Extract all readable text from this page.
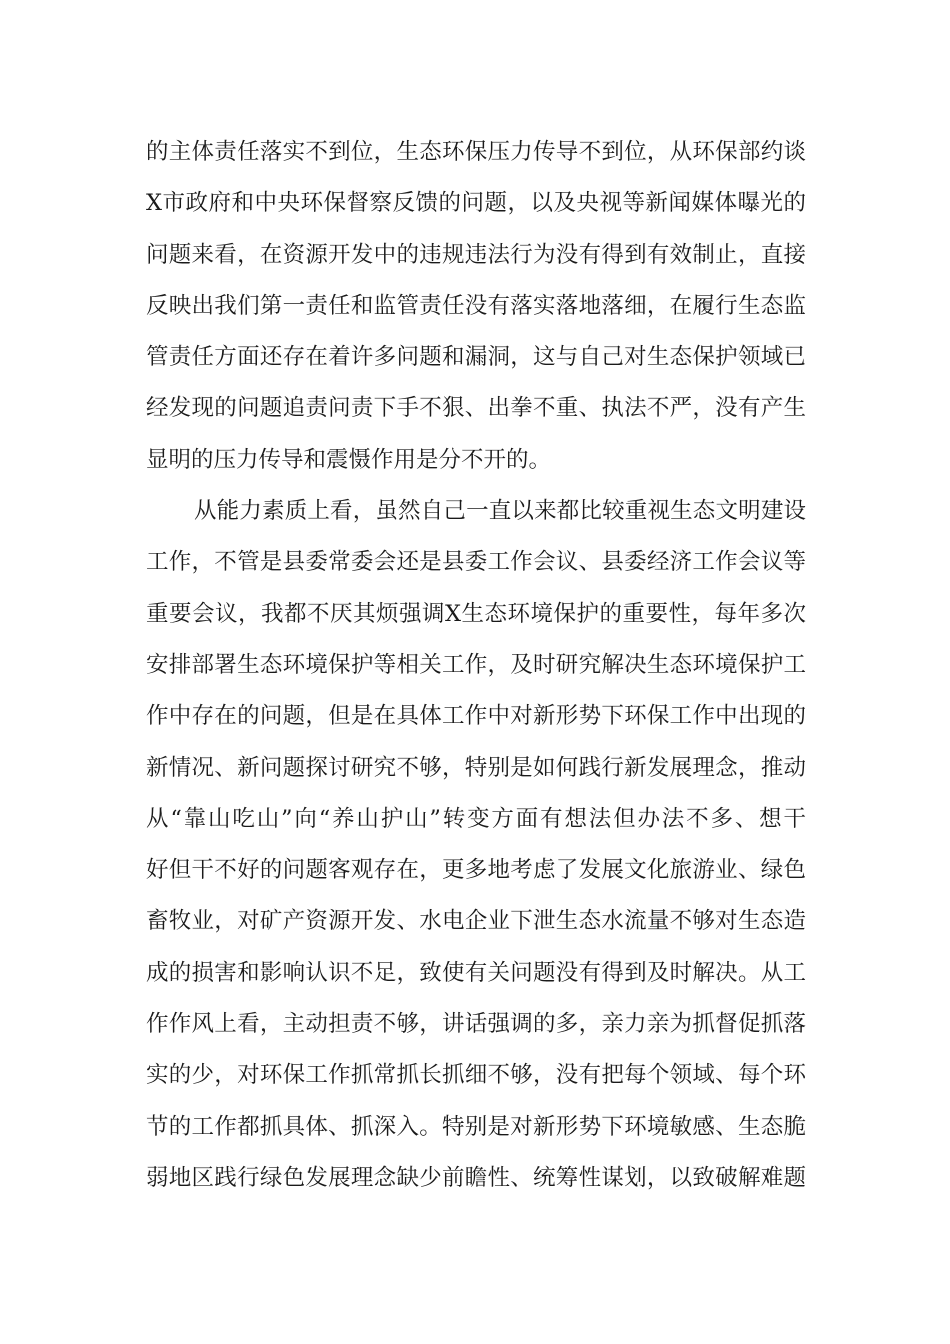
的主体责任落实不到位，生态环保压力传导不到位，从环保部约谈
X市政府和中央环保督察反馈的问题，以及央视等新闻媒体曝光的
问题来看，在资源开发中的违规违法行为没有得到有效制止，直接
反映出我们第一责任和监管责任没有落实落地落细，在履行生态监
管责任方面还存在着许多问题和漏洞，这与自己对生态保护领域已
经发现的问题追责问责下手不狠、出拳不重、执法不严，没有产生
显明的压力传导和震慑作用是分不开的。
从能力素质上看，虽然自己一直以来都比较重视生态文明建设
工作，不管是县委常委会还是县委工作会议、县委经济工作会议等
重要会议，我都不厌其烦强调X生态环境保护的重要性，每年多次
安排部署生态环境保护等相关工作，及时研究解决生态环境保护工
作中存在的问题，但是在具体工作中对新形势下环保工作中出现的
新情况、新问题探讨研究不够，特别是如何践行新发展理念，推动
从“靠山吃山”向“养山护山”转变方面有想法但办法不多、想干
好但干不好的问题客观存在，更多地考虑了发展文化旅游业、绿色
畜牧业，对矿产资源开发、水电企业下泄生态水流量不够对生态造
成的损害和影响认识不足，致使有关问题没有得到及时解决。从工
作作风上看，主动担责不够，讲话强调的多，亲力亲为抓督促抓落
实的少，对环保工作抓常抓长抓细不够，没有把每个领域、每个环
节的工作都抓具体、抓深入。特别是对新形势下环境敏感、生态脆
弱地区践行绿色发展理念缺少前瞻性、统筹性谋划，以致破解难题
